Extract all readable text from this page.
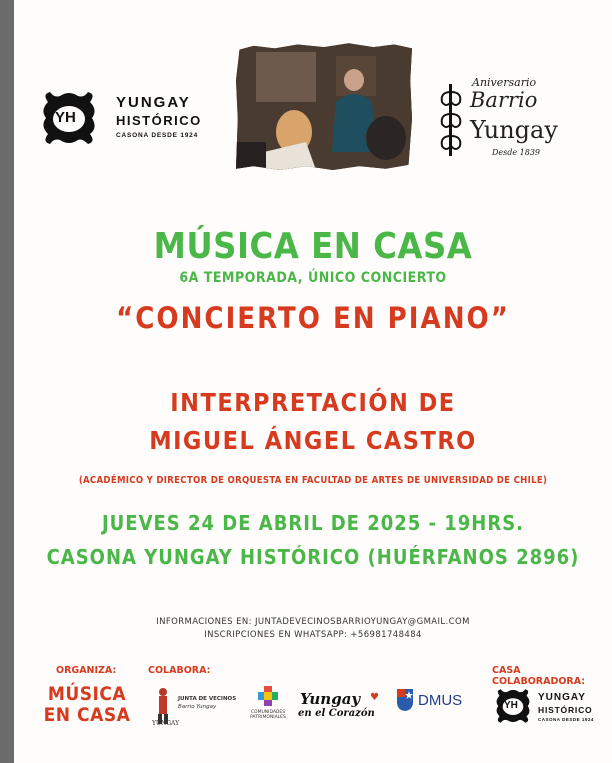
YH
YUNGAY
HISTÓRICO
CASONA DESDE 1924
Aniversario
Barrio
Yungay
Desde 1839
MÚSICA EN CASA
6A TEMPORADA, ÚNICO CONCIERTO
“CONCIERTO EN PIANO”
INTERPRETACIÓN DE
MIGUEL ÁNGEL CASTRO
(ACADÉMICO Y DIRECTOR DE ORQUESTA EN FACULTAD DE ARTES DE UNIVERSIDAD DE CHILE)
JUEVES 24 DE ABRIL DE 2025 - 19HRS.
CASONA YUNGAY HISTÓRICO (HUÉRFANOS 2896)
INFORMACIONES EN: JUNTADEVECINOSBARRIOYUNGAY@GMAIL.COM
INSCRIPCIONES EN WHATSAPP: +56981748484
ORGANIZA:
MÚSICA
EN CASA
COLABORA:
JUNTA DE VECINOS
Barrio Yungay
YUNGAY
COMUNIDADES PATRIMONIALES
Yungay
en el Corazón
♥	DMUS
CASA COLABORADORA:
YH
YUNGAY
HISTÓRICO
CASONA DESDE 1924
